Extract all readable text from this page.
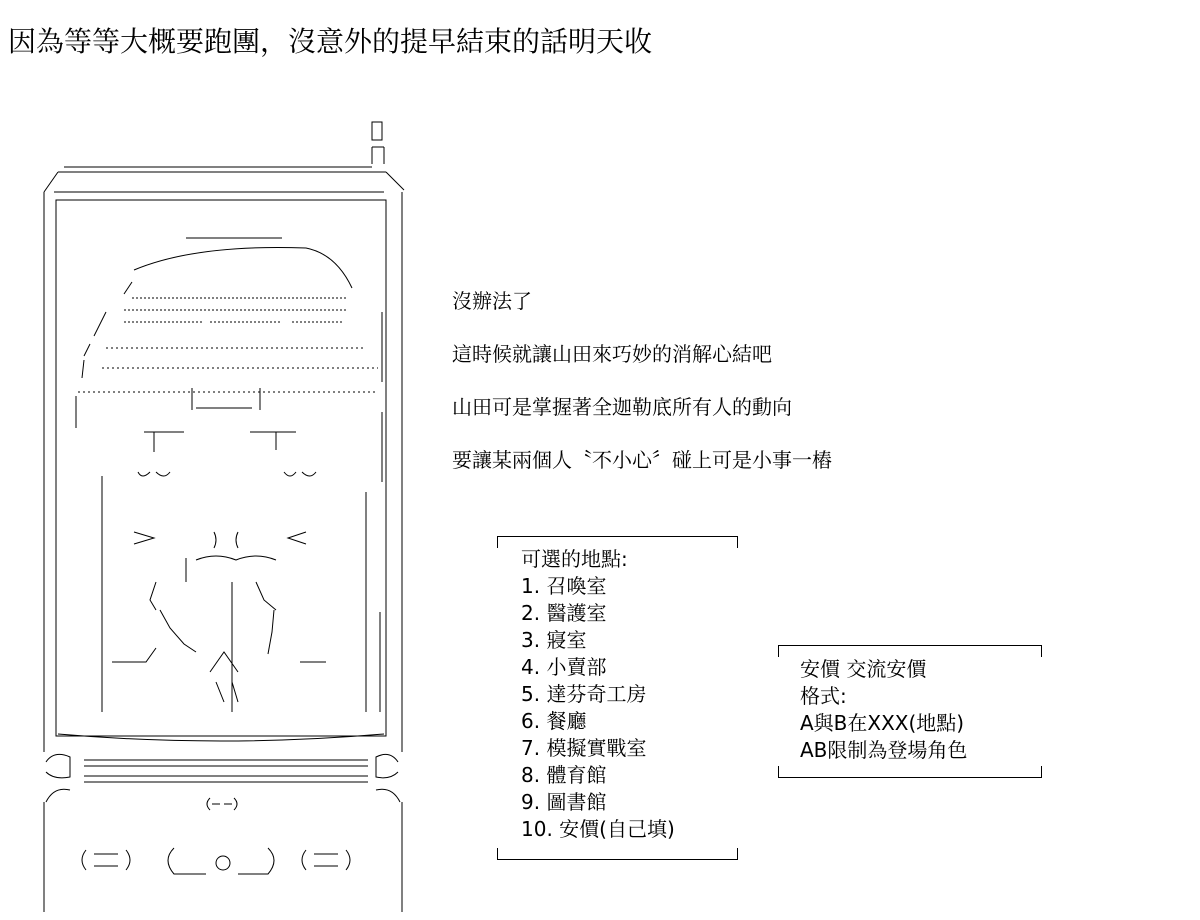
因為等等大概要跑團，沒意外的提早結束的話明天收
沒辦法了
這時候就讓山田來巧妙的消解心結吧
山田可是掌握著全迦勒底所有人的動向
要讓某兩個人〝不小心〞碰上可是小事一樁
可選的地點:
1. 召喚室
2. 醫護室
3. 寢室
4. 小賣部
5. 達芬奇工房
6. 餐廳
7. 模擬實戰室
8. 體育館
9. 圖書館
10. 安價(自己填)
安價 交流安價
格式:
A與B在XXX(地點)
AB限制為登場角色
